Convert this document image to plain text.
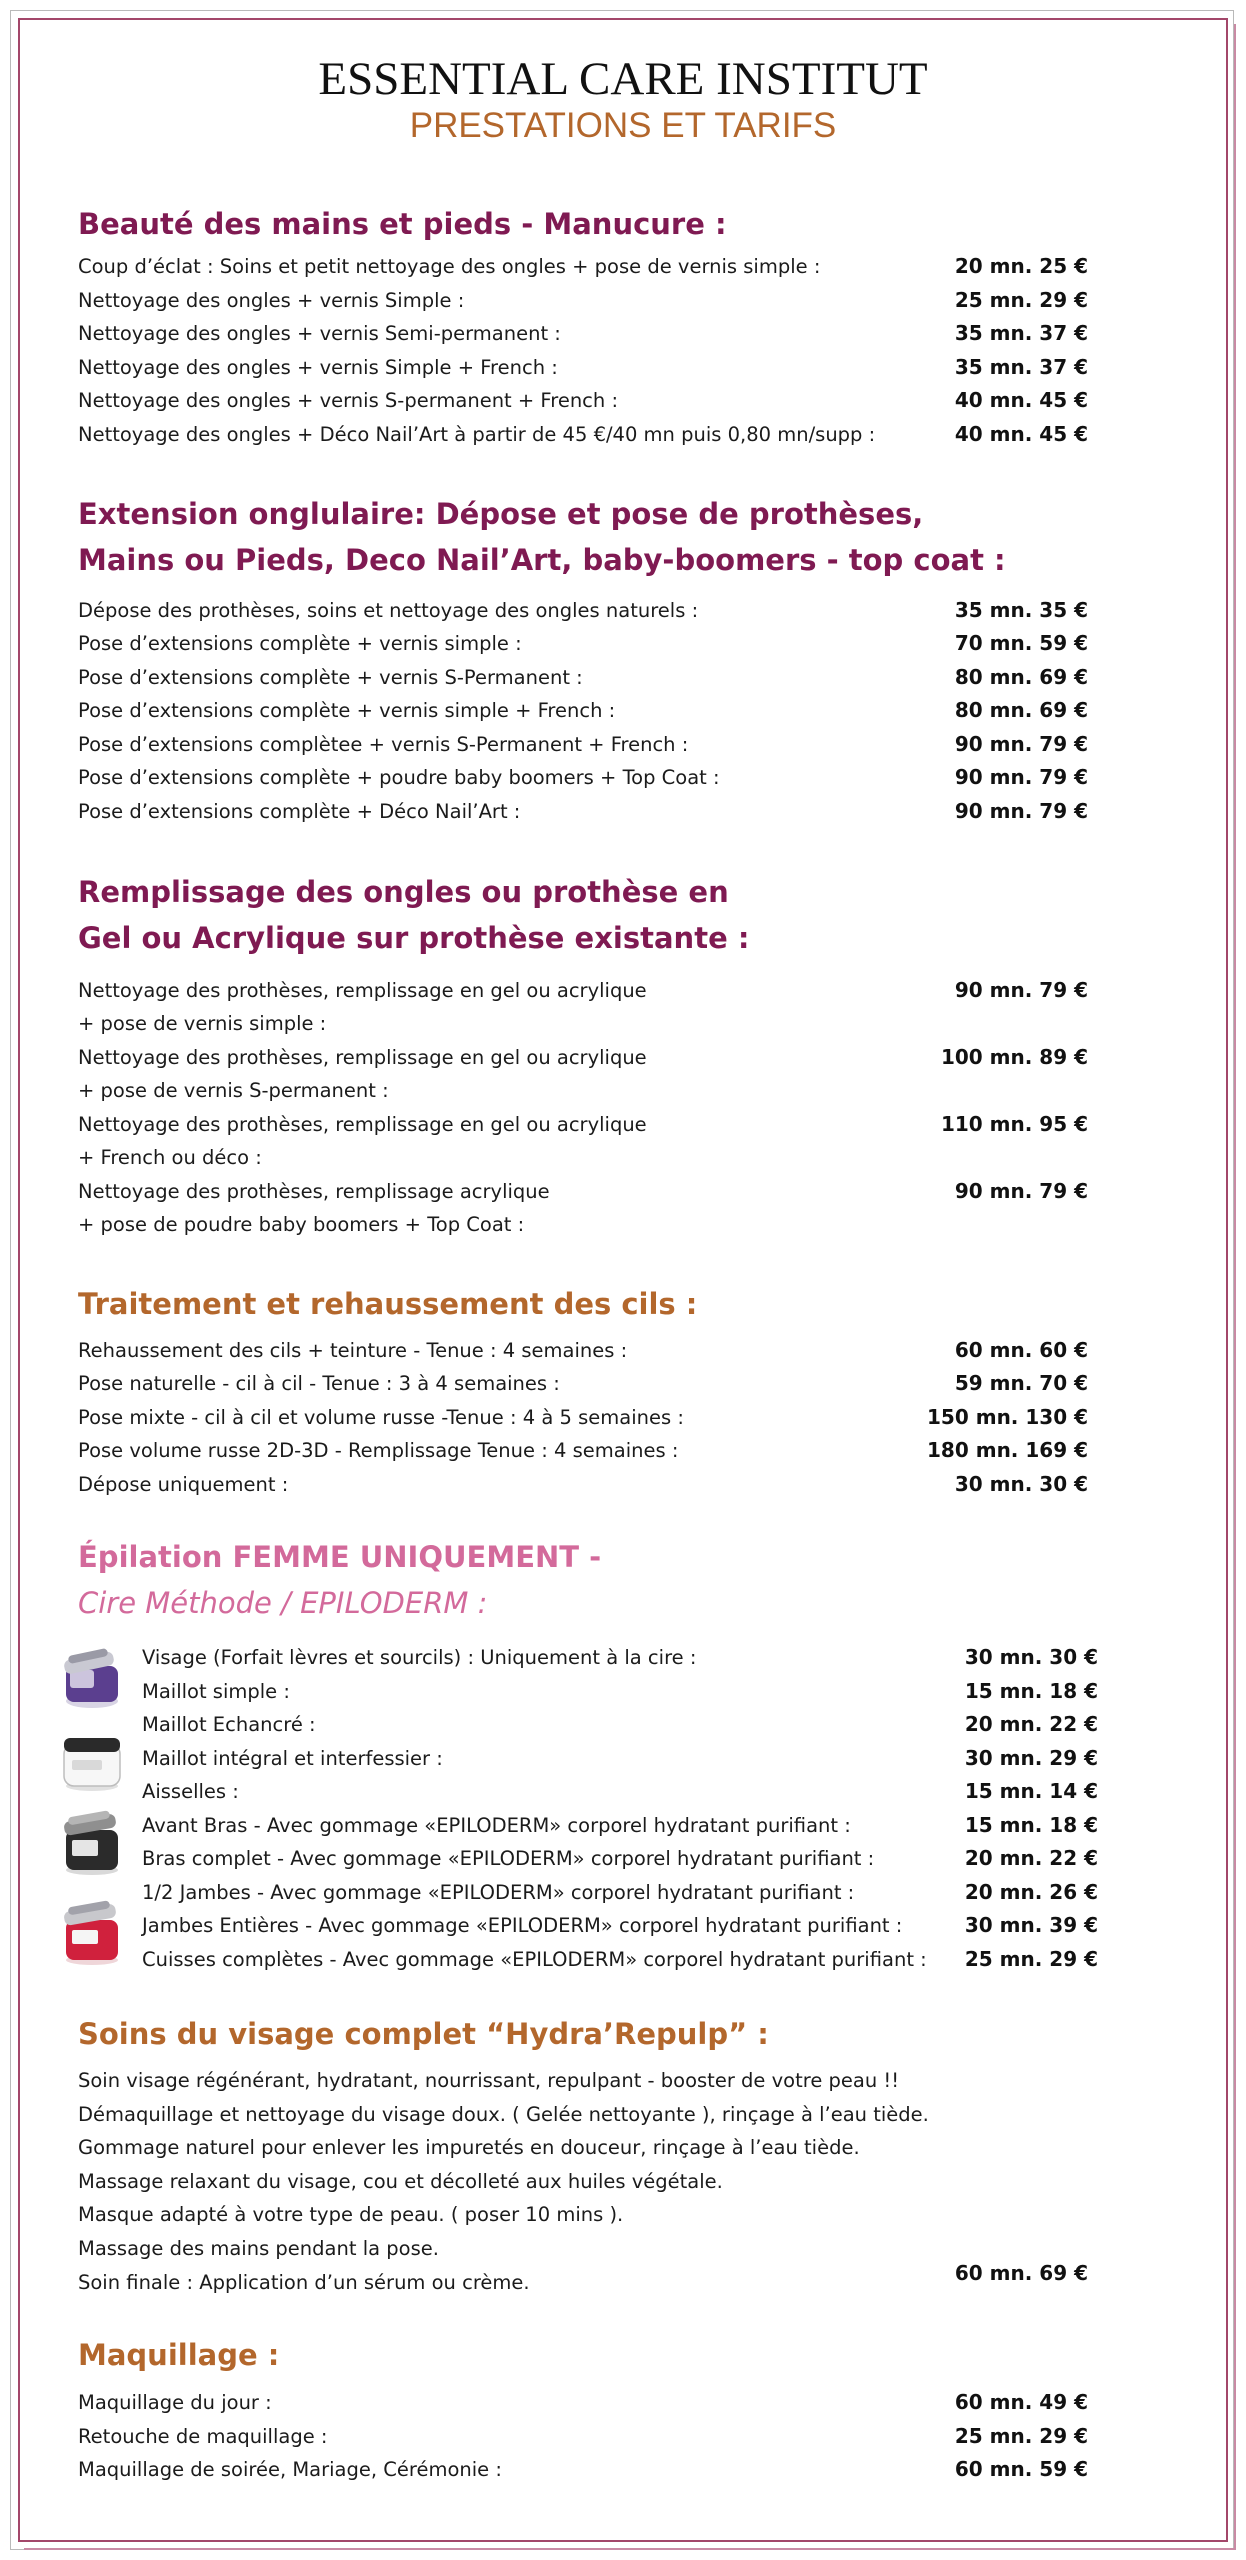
ESSENTIAL CARE INSTITUT
PRESTATIONS ET TARIFS
Beauté des mains et pieds - Manucure :
Coup d’éclat : Soins et petit nettoyage des ongles + pose de vernis simple :	20 mn. 25 €
Nettoyage des ongles + vernis Simple :	25 mn. 29 €
Nettoyage des ongles + vernis Semi-permanent :	35 mn. 37 €
Nettoyage des ongles + vernis Simple + French :	35 mn. 37 €
Nettoyage des ongles + vernis S-permanent + French :	40 mn. 45 €
Nettoyage des ongles + Déco Nail’Art à partir de 45 €/40 mn puis 0,80 mn/supp :	40 mn. 45 €
Extension onglulaire: Dépose et pose de prothèses,
Mains ou Pieds, Deco Nail’Art, baby-boomers - top coat :
Dépose des prothèses, soins et nettoyage des ongles naturels :	35 mn. 35 €
Pose d’extensions complète + vernis simple :	70 mn. 59 €
Pose d’extensions complète + vernis S-Permanent :	80 mn. 69 €
Pose d’extensions complète + vernis simple + French :	80 mn. 69 €
Pose d’extensions complètee + vernis S-Permanent + French :	90 mn. 79 €
Pose d’extensions complète + poudre baby boomers + Top Coat :	90 mn. 79 €
Pose d’extensions complète + Déco Nail’Art :	90 mn. 79 €
Remplissage des ongles ou prothèse en
Gel ou Acrylique sur prothèse existante :
Nettoyage des prothèses, remplissage en gel ou acrylique
+ pose de vernis simple :
90 mn. 79 €
Nettoyage des prothèses, remplissage en gel ou acrylique
+ pose de vernis S-permanent :
100 mn. 89 €
Nettoyage des prothèses, remplissage en gel ou acrylique
+ French ou déco :
110 mn. 95 €
Nettoyage des prothèses, remplissage acrylique
+ pose de poudre baby boomers + Top Coat :
90 mn. 79 €
Traitement et rehaussement des cils :
Rehaussement des cils + teinture - Tenue : 4 semaines :	60 mn. 60 €
Pose naturelle - cil à cil - Tenue : 3 à 4 semaines :	59 mn. 70 €
Pose mixte - cil à cil et volume russe -Tenue : 4 à 5 semaines :	150 mn. 130 €
Pose volume russe 2D-3D - Remplissage Tenue : 4 semaines :	180 mn. 169 €
Dépose uniquement :	30 mn. 30 €
Épilation FEMME UNIQUEMENT -
Cire Méthode / EPILODERM :
Visage (Forfait lèvres et sourcils) : Uniquement à la cire :	30 mn. 30 €
Maillot simple :	15 mn. 18 €
Maillot Echancré :	20 mn. 22 €
Maillot intégral et interfessier :	30 mn. 29 €
Aisselles :	15 mn. 14 €
Avant Bras - Avec gommage «EPILODERM» corporel hydratant purifiant :	15 mn. 18 €
Bras complet - Avec gommage «EPILODERM» corporel hydratant purifiant :	20 mn. 22 €
1/2 Jambes - Avec gommage «EPILODERM» corporel hydratant purifiant :	20 mn. 26 €
Jambes Entières - Avec gommage «EPILODERM» corporel hydratant purifiant :	30 mn. 39 €
Cuisses complètes - Avec gommage «EPILODERM» corporel hydratant purifiant : 25 mn. 29 €
Soins du visage complet “Hydra’Repulp” :
Soin visage régénérant, hydratant, nourrissant, repulpant - booster de votre peau !!
Démaquillage et nettoyage du visage doux. ( Gelée nettoyante ), rinçage à l’eau tiède.
Gommage naturel pour enlever les impuretés en douceur, rinçage à l’eau tiède.
Massage relaxant du visage, cou et décolleté aux huiles végétale.
Masque adapté à votre type de peau. ( poser 10 mins ).
Massage des mains pendant la pose.
Soin finale : Application d’un sérum ou crème.	60 mn. 69 €
Maquillage :
Maquillage du jour :	60 mn. 49 €
Retouche de maquillage :	25 mn. 29 €
Maquillage de soirée, Mariage, Cérémonie :	60 mn. 59 €
